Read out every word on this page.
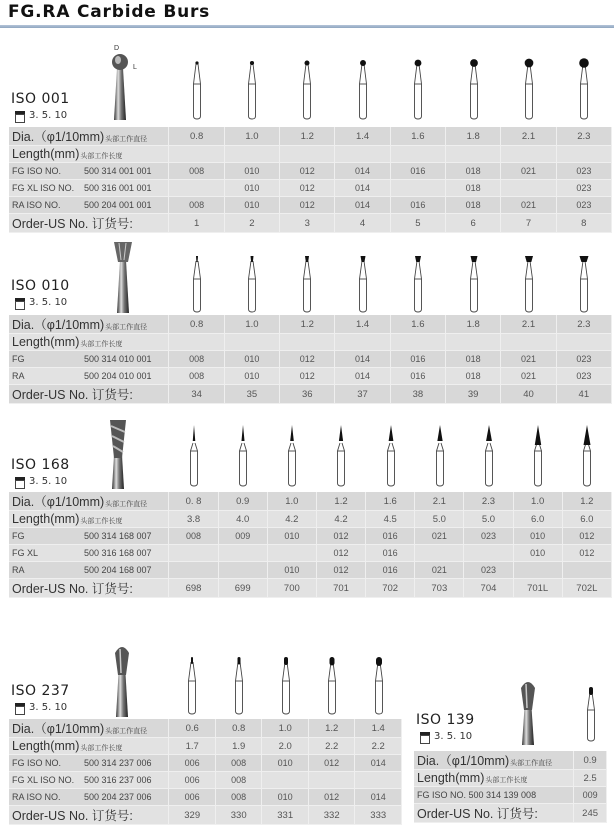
FG.RA Carbide Burs
ISO 001
3. 5. 10
D
L
Dia.（φ1/10mm)头部工作直径	0.8	1.0	1.2	1.4	1.6	1.8	2.1	2.3
Length(mm)头部工作长度								
FG ISO NO. 500 314 001 001	008	010	012	014	016	018	021	023
FG XL ISO NO. 500 316 001 001		010	012	014		018		023
RA ISO NO. 500 204 001 001	008	010	012	014	016	018	021	023
Order-US No. 订货号:	1	2	3	4	5	6	7	8
ISO 010
3. 5. 10
Dia.（φ1/10mm)头部工作直径	0.8	1.0	1.2	1.4	1.6	1.8	2.1	2.3
Length(mm)头部工作长度								
FG 500 314 010 001	008	010	012	014	016	018	021	023
RA 500 204 010 001	008	010	012	014	016	018	021	023
Order-US No. 订货号:	34	35	36	37	38	39	40	41
ISO 168
3. 5. 10
Dia.（φ1/10mm)头部工作直径	0. 8	0.9	1.0	1.2	1.6	2.1	2.3	1.0	1.2
Length(mm)头部工作长度	3.8	4.0	4.2	4.2	4.5	5.0	5.0	6.0	6.0
FG 500 314 168 007	008	009	010	012	016	021	023	010	012
FG XL 500 316 168 007				012	016			010	012
RA 500 204 168 007			010	012	016	021	023		
Order-US No. 订货号:	698	699	700	701	702	703	704	701L	702L
ISO 237
3. 5. 10
Dia.（φ1/10mm)头部工作直径	0.6	0.8	1.0	1.2	1.4
Length(mm)头部工作长度	1.7	1.9	2.0	2.2	2.2
FG ISO NO. 500 314 237 006	006	008	010	012	014
FG XL ISO NO. 500 316 237 006	006	008			
RA ISO NO. 500 204 237 006	006	008	010	012	014
Order-US No. 订货号:	329	330	331	332	333
ISO 139
3. 5. 10
Dia.（φ1/10mm)头部工作直径	0.9
Length(mm)头部工作长度	2.5
FG ISO NO. 500 314 139 008	009
Order-US No. 订货号:	245
